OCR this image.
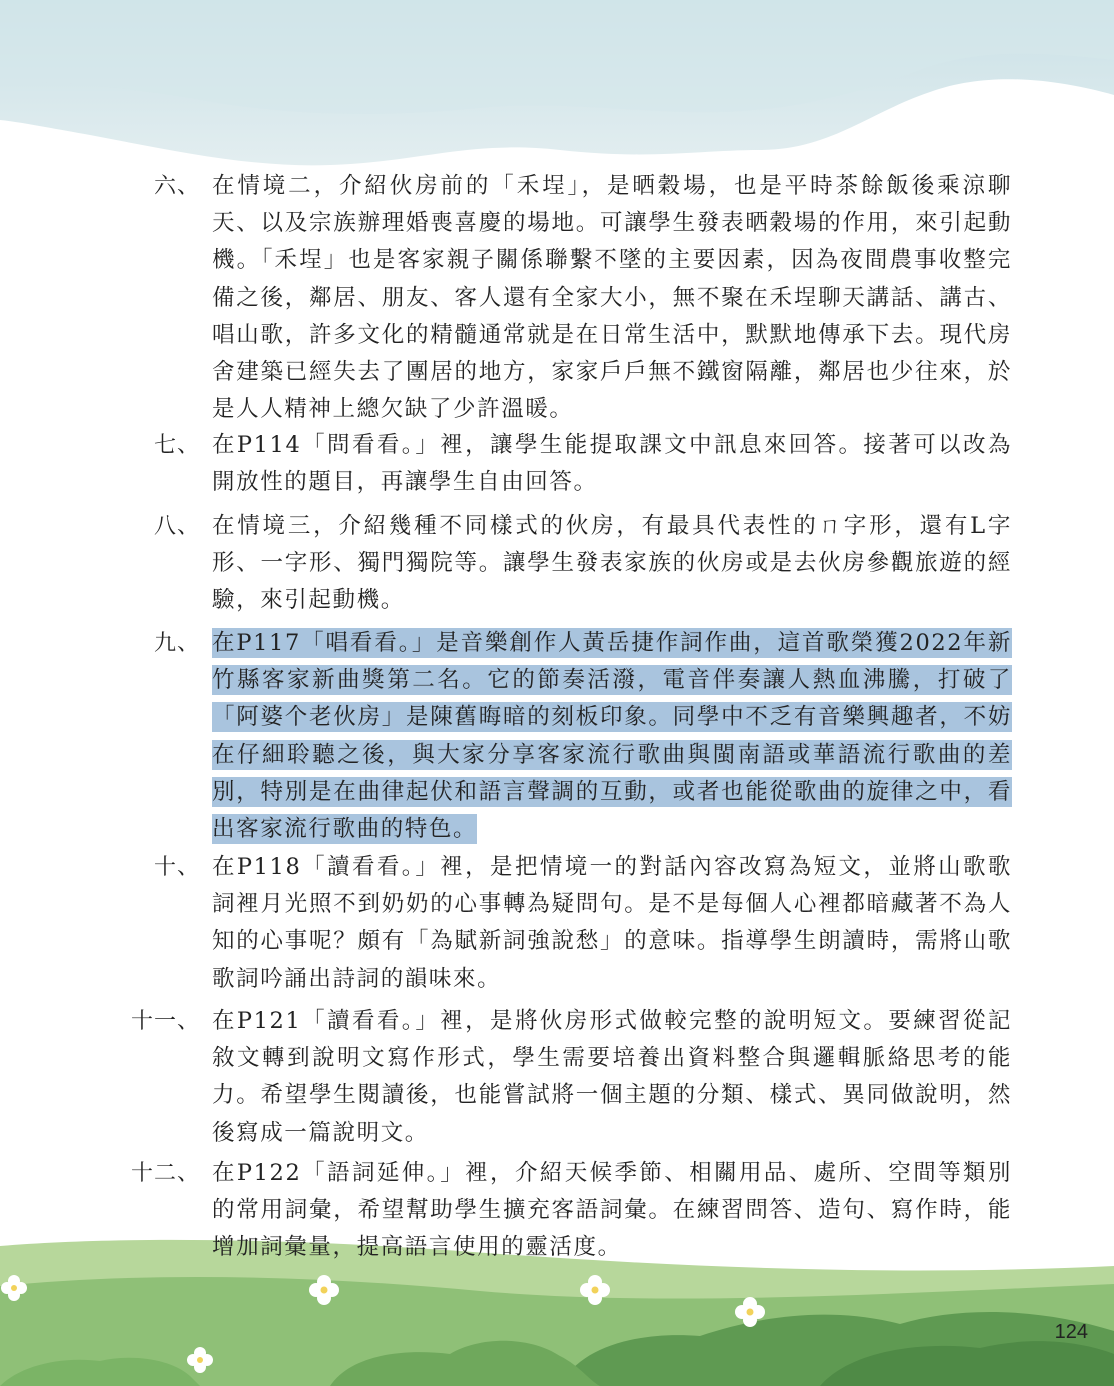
六、 在情境二，介紹伙房前的「禾埕」，是晒穀場，也是平時茶餘飯後乘涼聊天、以及宗族辦理婚喪喜慶的場地。可讓學生發表晒穀場的作用，來引起動機。「禾埕」也是客家親子關係聯繫不墜的主要因素，因為夜間農事收整完備之後，鄰居、朋友、客人還有全家大小，無不聚在禾埕聊天講話、講古、唱山歌，許多文化的精髓通常就是在日常生活中，默默地傳承下去。現代房舍建築已經失去了團居的地方，家家戶戶無不鐵窗隔離，鄰居也少往來，於是人人精神上總欠缺了少許溫暖。
七、 在P114「問看看。」裡，讓學生能提取課文中訊息來回答。接著可以改為開放性的題目，再讓學生自由回答。
八、 在情境三，介紹幾種不同樣式的伙房，有最具代表性的ㄇ字形，還有L字形、一字形、獨門獨院等。讓學生發表家族的伙房或是去伙房參觀旅遊的經驗，來引起動機。
九、 在P117「唱看看。」是音樂創作人黃岳捷作詞作曲，這首歌榮獲2022年新竹縣客家新曲獎第二名。它的節奏活潑，電音伴奏讓人熱血沸騰，打破了「阿婆个老伙房」是陳舊晦暗的刻板印象。同學中不乏有音樂興趣者，不妨在仔細聆聽之後，與大家分享客家流行歌曲與閩南語或華語流行歌曲的差別，特別是在曲律起伏和語言聲調的互動，或者也能從歌曲的旋律之中，看出客家流行歌曲的特色。
十、 在P118「讀看看。」裡，是把情境一的對話內容改寫為短文，並將山歌歌詞裡月光照不到奶奶的心事轉為疑問句。是不是每個人心裡都暗藏著不為人知的心事呢？頗有「為賦新詞強說愁」的意味。指導學生朗讀時，需將山歌歌詞吟誦出詩詞的韻味來。
十一、 在P121「讀看看。」裡，是將伙房形式做較完整的說明短文。要練習從記敘文轉到說明文寫作形式，學生需要培養出資料整合與邏輯脈絡思考的能力。希望學生閱讀後，也能嘗試將一個主題的分類、樣式、異同做說明，然後寫成一篇說明文。
十二、 在P122「語詞延伸。」裡，介紹天候季節、相關用品、處所、空間等類別的常用詞彙，希望幫助學生擴充客語詞彙。在練習問答、造句、寫作時，能增加詞彙量，提高語言使用的靈活度。
124
